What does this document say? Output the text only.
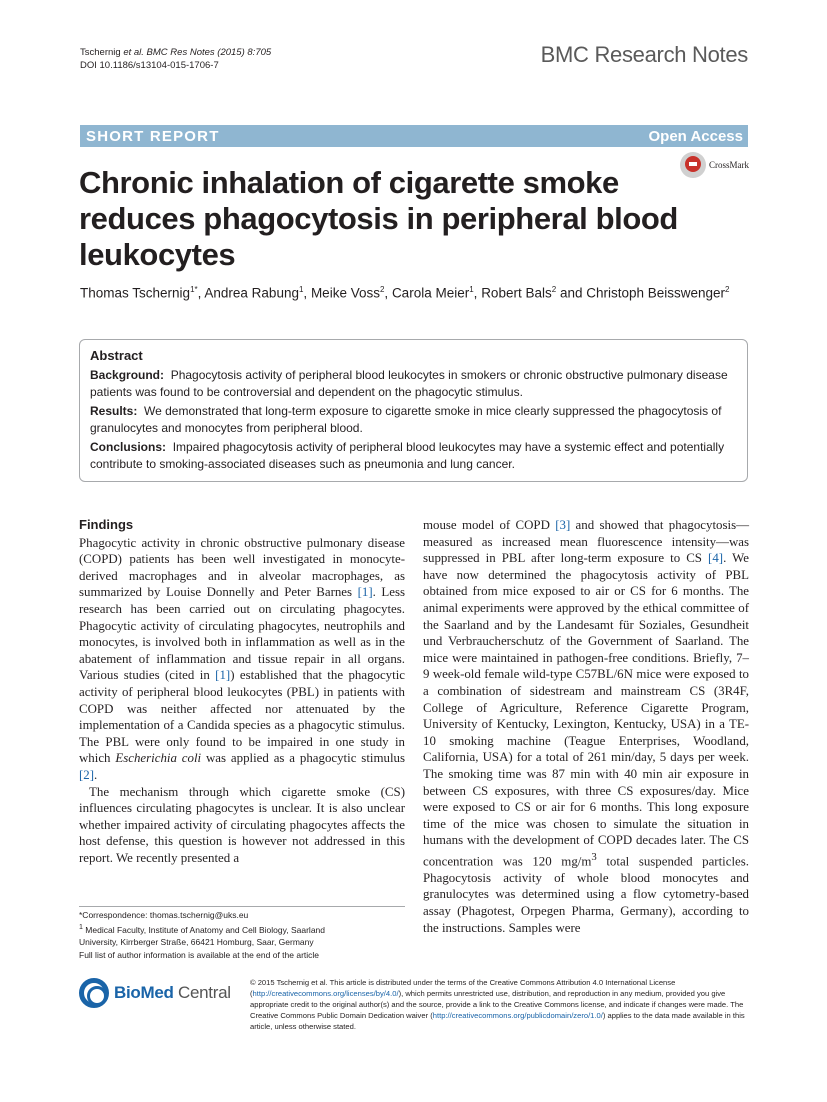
Tschernig et al. BMC Res Notes (2015) 8:705
DOI 10.1186/s13104-015-1706-7	BMC Research Notes
SHORT REPORT	Open Access
CrossMark
Chronic inhalation of cigarette smoke reduces phagocytosis in peripheral blood leukocytes
Thomas Tschernig$^{1*}$, Andrea Rabung$^1$, Meike Voss$^2$, Carola Meier$^1$, Robert Bals$^2$ and Christoph Beisswenger$^2$
Abstract

Background: Phagocytosis activity of peripheral blood leukocytes in smokers or chronic obstructive pulmonary disease patients was found to be controversial and dependent on the phagocytic stimulus.

Results: We demonstrated that long-term exposure to cigarette smoke in mice clearly suppressed the phagocytosis of granulocytes and monocytes from peripheral blood.

Conclusions: Impaired phagocytosis activity of peripheral blood leukocytes may have a systemic effect and potentially contribute to smoking-associated diseases such as pneumonia and lung cancer.

Findings

Phagocytic activity in chronic obstructive pulmonary disease (COPD) patients has been well investigated in monocyte-derived macrophages and in alveolar macrophages, as summarized by Louise Donnelly and Peter Barnes [1]. Less research has been carried out on circulating phagocytes. Phagocytic activity of circulating phagocytes, neutrophils and monocytes, is involved both in inflammation as well as in the abatement of inflammation and tissue repair in all organs. Various studies (cited in [1]) established that the phagocytic activity of peripheral blood leukocytes (PBL) in patients with COPD was neither affected nor attenuated by the implementation of a Candida species as a phagocytic stimulus. The PBL were only found to be impaired in one study in which Escherichia coli was applied as a phagocytic stimulus [2].

The mechanism through which cigarette smoke (CS) influences circulating phagocytes is unclear. It is also unclear whether impaired activity of circulating phagocytes affects the host defense, this question is however not addressed in this report. We recently presented a

mouse model of COPD [3] and showed that phagocytosis—measured as increased mean fluorescence intensity—was suppressed in PBL after long-term exposure to CS [4]. We have now determined the phagocytosis activity of PBL obtained from mice exposed to air or CS for 6 months. The animal experiments were approved by the ethical committee of the Saarland and by the Landesamt für Soziales, Gesundheit und Verbraucherschutz of the Government of Saarland. The mice were maintained in pathogen-free conditions. Briefly, 7–9 week-old female wild-type C57BL/6N mice were exposed to a combination of sidestream and mainstream CS (3R4F, College of Agriculture, Reference Cigarette Program, University of Kentucky, Lexington, Kentucky, USA) in a TE-10 smoking machine (Teague Enterprises, Woodland, California, USA) for a total of 261 min/day, 5 days per week. The smoking time was 87 min with 40 min air exposure in between CS exposures, with three CS exposures/day. Mice were exposed to CS or air for 6 months. This long exposure time of the mice was chosen to simulate the situation in humans with the development of COPD decades later. The CS concentration was 120 $mg/m^3$ total suspended particles. Phagocytosis activity of whole blood monocytes and granulocytes was determined using a flow cytometry-based assay (Phagotest, Orpegen Pharma, Germany), according to the instructions. Samples were

*Correspondence: thomas.tschernig@uks.eu
$^1$ Medical Faculty, Institute of Anatomy and Cell Biology, Saarland
University, Kirrberger Straße, 66421 Homburg, Saar, Germany
Full list of author information is available at the end of the article
BioMed Central
© 2015 Tschernig et al. This article is distributed under the terms of the Creative Commons Attribution 4.0 International License (http://creativecommons.org/licenses/by/4.0/), which permits unrestricted use, distribution, and reproduction in any medium, provided you give appropriate credit to the original author(s) and the source, provide a link to the Creative Commons license, and indicate if changes were made. The Creative Commons Public Domain Dedication waiver (http://creativecommons.org/publicdomain/zero/1.0/) applies to the data made available in this article, unless otherwise stated.
